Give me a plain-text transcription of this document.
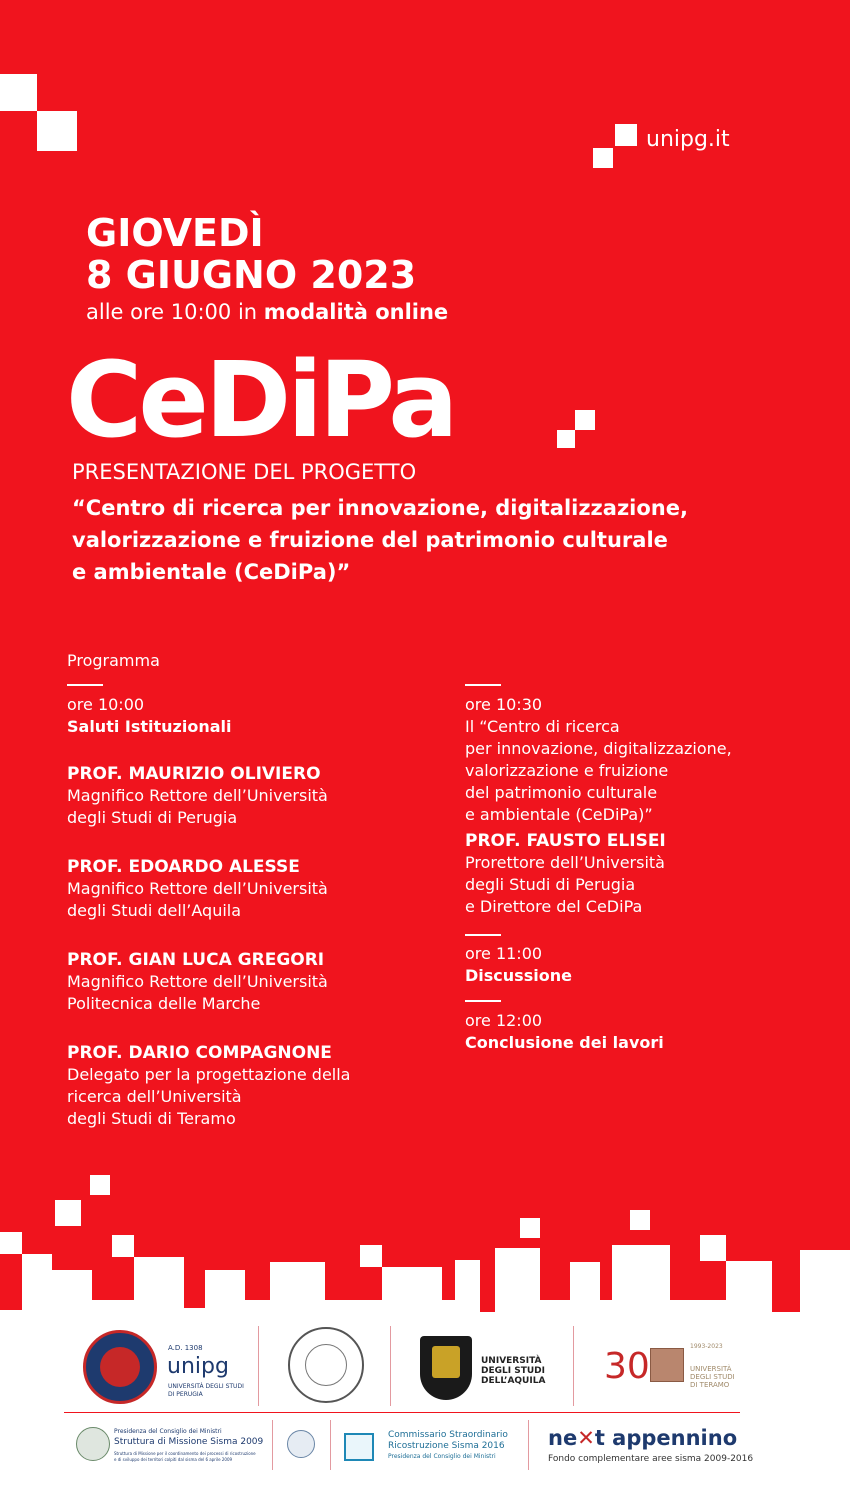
unipg.it
GIOVEDÌ
8 GIUGNO 2023
alle ore 10:00 in modalità online
CeDiPa
PRESENTAZIONE DEL PROGETTO
“Centro di ricerca per innovazione, digitalizzazione,
valorizzazione e fruizione del patrimonio culturale
e ambientale (CeDiPa)”
Programma
ore 10:00
Saluti Istituzionali
PROF. MAURIZIO OLIVIERO
Magnifico Rettore dell’Università
degli Studi di Perugia
PROF. EDOARDO ALESSE
Magnifico Rettore dell’Università
degli Studi dell’Aquila
PROF. GIAN LUCA GREGORI
Magnifico Rettore dell’Università
Politecnica delle Marche
PROF. DARIO COMPAGNONE
Delegato per la progettazione della
ricerca dell’Università
degli Studi di Teramo
ore 10:30
Il “Centro di ricerca
per innovazione, digitalizzazione,
valorizzazione e fruizione
del patrimonio culturale
e ambientale (CeDiPa)”
PROF. FAUSTO ELISEI
Prorettore dell’Università
degli Studi di Perugia
e Direttore del CeDiPa
ore 11:00
Discussione
ore 12:00
Conclusione dei lavori
A.D. 1308
unipg
UNIVERSITÀ DEGLI STUDI
DI PERUGIA
UNIVERSITÀ
DEGLI STUDI
DELL’AQUILA 30	1993-2023
UNIVERSITÀ
DEGLI STUDI
DI TERAMO
Presidenza del Consiglio dei Ministri
Struttura di Missione Sisma 2009
Struttura di Missione per il coordinamento dei processi di ricostruzione
e di sviluppo dei territori colpiti dal sisma del 6 aprile 2009
Commissario Straordinario
Ricostruzione Sisma 2016
Presidenza del Consiglio dei Ministri
ne✕t appennino
Fondo complementare aree sisma 2009-2016
